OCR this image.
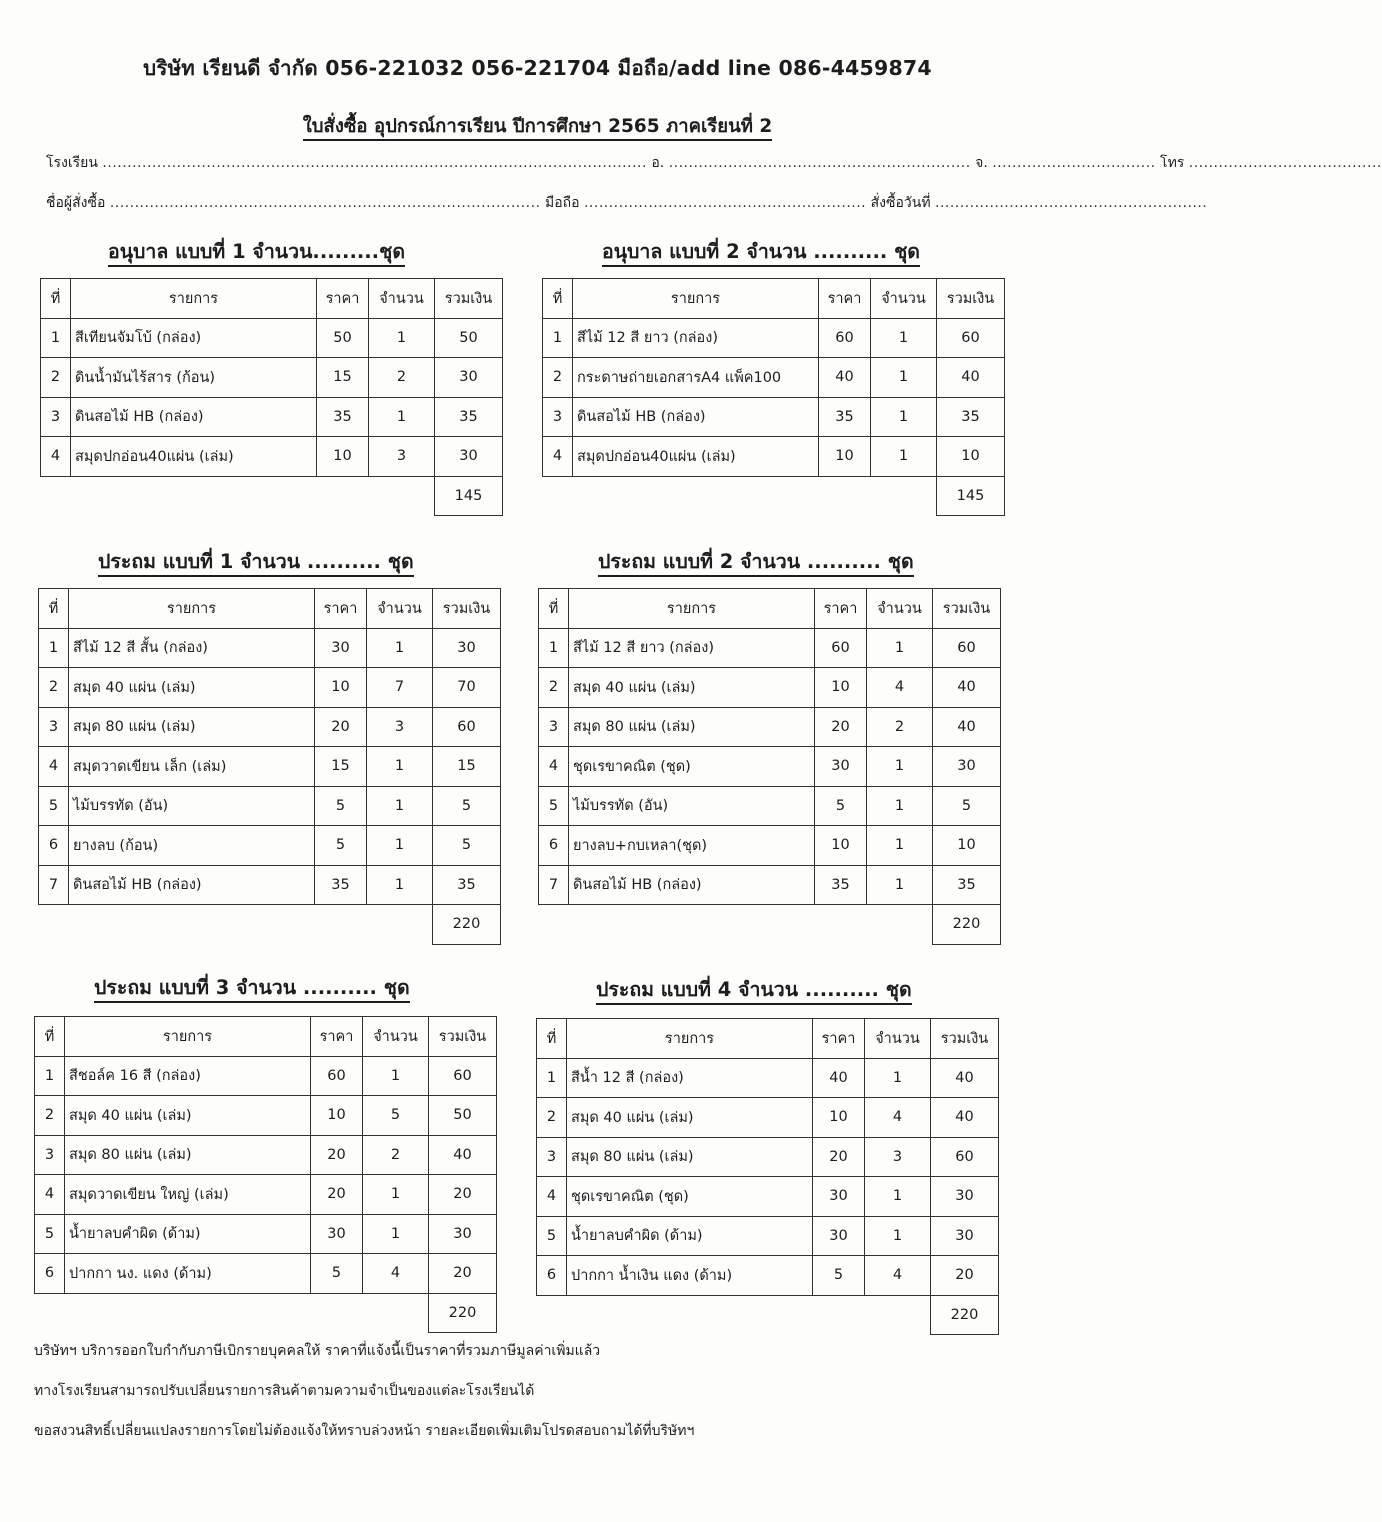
บริษัท เรียนดี จำกัด 056-221032 056-221704 มือถือ/add line 086-4459874
ใบสั่งซื้อ อุปกรณ์การเรียน ปีการศึกษา 2565 ภาคเรียนที่ 2
โรงเรียน .............................................................................................................. อ. ............................................................. จ. ................................. โทร .......................................
ชื่อผู้สั่งซื้อ ....................................................................................... มือถือ ......................................................... สั่งซื้อวันที่ .......................................................
อนุบาล แบบที่ 1 จำนวน.........ชุด
ที่	รายการ	ราคา	จำนวน	รวมเงิน
1	สีเทียนจัมโบ้ (กล่อง)	50	1	50
2	ดินน้ำมันไร้สาร (ก้อน)	15	2	30
3	ดินสอไม้ HB (กล่อง)	35	1	35
4	สมุดปกอ่อน40แผ่น (เล่ม)	10	3	30
				145
อนุบาล แบบที่ 2 จำนวน .......... ชุด
ที่	รายการ	ราคา	จำนวน	รวมเงิน
1	สีไม้ 12 สี ยาว (กล่อง)	60	1	60
2	กระดาษถ่ายเอกสารA4 แพ็ค100	40	1	40
3	ดินสอไม้ HB (กล่อง)	35	1	35
4	สมุดปกอ่อน40แผ่น (เล่ม)	10	1	10
				145
ประถม แบบที่ 1 จำนวน .......... ชุด
ที่	รายการ	ราคา	จำนวน	รวมเงิน
1	สีไม้ 12 สี สั้น (กล่อง)	30	1	30
2	สมุด 40 แผ่น (เล่ม)	10	7	70
3	สมุด 80 แผ่น (เล่ม)	20	3	60
4	สมุดวาดเขียน เล็ก (เล่ม)	15	1	15
5	ไม้บรรทัด (อัน)	5	1	5
6	ยางลบ (ก้อน)	5	1	5
7	ดินสอไม้ HB (กล่อง)	35	1	35
				220
ประถม แบบที่ 2 จำนวน .......... ชุด
ที่	รายการ	ราคา	จำนวน	รวมเงิน
1	สีไม้ 12 สี ยาว (กล่อง)	60	1	60
2	สมุด 40 แผ่น (เล่ม)	10	4	40
3	สมุด 80 แผ่น (เล่ม)	20	2	40
4	ชุดเรขาคณิต (ชุด)	30	1	30
5	ไม้บรรทัด (อัน)	5	1	5
6	ยางลบ+กบเหลา(ชุด)	10	1	10
7	ดินสอไม้ HB (กล่อง)	35	1	35
				220
ประถม แบบที่ 3 จำนวน .......... ชุด
ที่	รายการ	ราคา	จำนวน	รวมเงิน
1	สีชอล์ค 16 สี (กล่อง)	60	1	60
2	สมุด 40 แผ่น (เล่ม)	10	5	50
3	สมุด 80 แผ่น (เล่ม)	20	2	40
4	สมุดวาดเขียน ใหญ่ (เล่ม)	20	1	20
5	น้ำยาลบคำผิด (ด้าม)	30	1	30
6	ปากกา นง. แดง (ด้าม)	5	4	20
				220
ประถม แบบที่ 4 จำนวน .......... ชุด
ที่	รายการ	ราคา	จำนวน	รวมเงิน
1	สีน้ำ 12 สี (กล่อง)	40	1	40
2	สมุด 40 แผ่น (เล่ม)	10	4	40
3	สมุด 80 แผ่น (เล่ม)	20	3	60
4	ชุดเรขาคณิต (ชุด)	30	1	30
5	น้ำยาลบคำผิด (ด้าม)	30	1	30
6	ปากกา น้ำเงิน แดง (ด้าม)	5	4	20
				220
บริษัทฯ บริการออกใบกำกับภาษีเบิกรายบุคคลให้ ราคาที่แจ้งนี้เป็นราคาที่รวมภาษีมูลค่าเพิ่มแล้ว
ทางโรงเรียนสามารถปรับเปลี่ยนรายการสินค้าตามความจำเป็นของแต่ละโรงเรียนได้
ขอสงวนสิทธิ์เปลี่ยนแปลงรายการโดยไม่ต้องแจ้งให้ทราบล่วงหน้า รายละเอียดเพิ่มเติมโปรดสอบถามได้ที่บริษัทฯ
